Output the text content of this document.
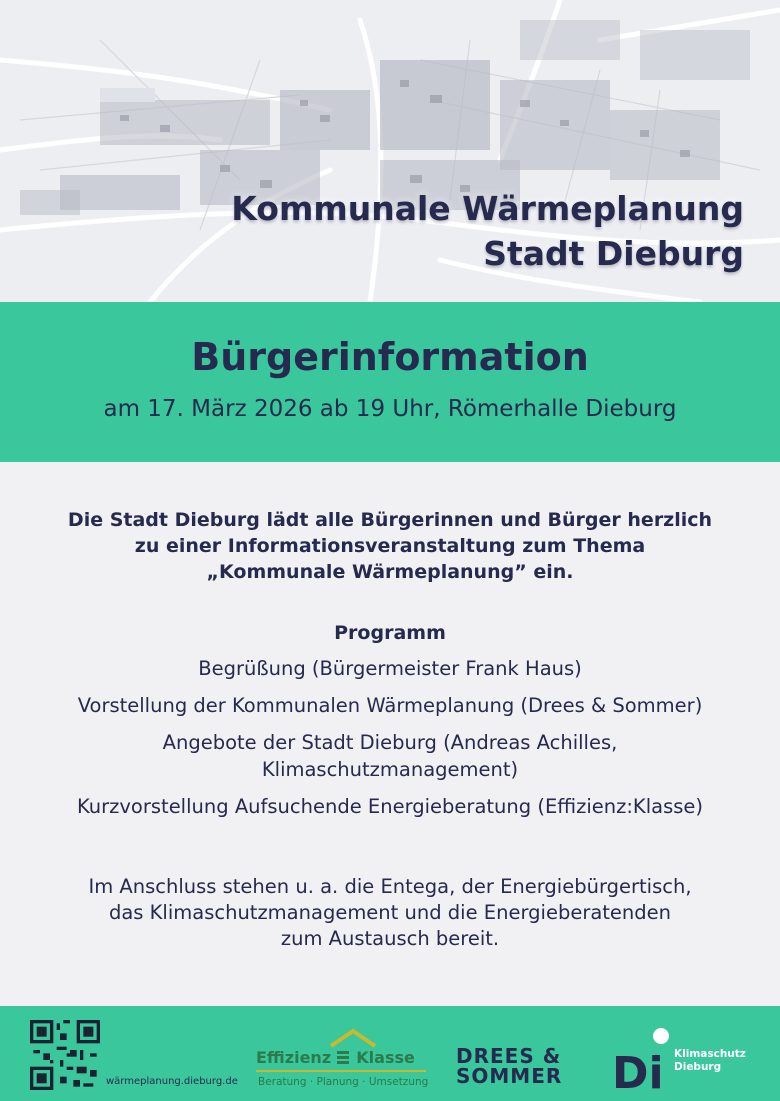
Kommunale Wärmeplanung
Stadt Dieburg
Bürgerinformation
am 17. März 2026 ab 19 Uhr, Römerhalle Dieburg
Die Stadt Dieburg lädt alle Bürgerinnen und Bürger herzlich
zu einer Informationsveranstaltung zum Thema
„Kommunale Wärmeplanung” ein.
Programm
Begrüßung (Bürgermeister Frank Haus)
Vorstellung der Kommunalen Wärmeplanung (Drees & Sommer)
Angebote der Stadt Dieburg (Andreas Achilles,
Klimaschutzmanagement)
Kurzvorstellung Aufsuchende Energieberatung (Effizienz:Klasse)
Im Anschluss stehen u. a. die Entega, der Energiebürgertisch,
das Klimaschutzmanagement und die Energieberatenden
zum Austausch bereit.
wärmeplanung.dieburg.de
Effizienz Klasse
Beratung · Planung · Umsetzung
DREES &
SOMMER Di Klimaschutz
Dieburg
